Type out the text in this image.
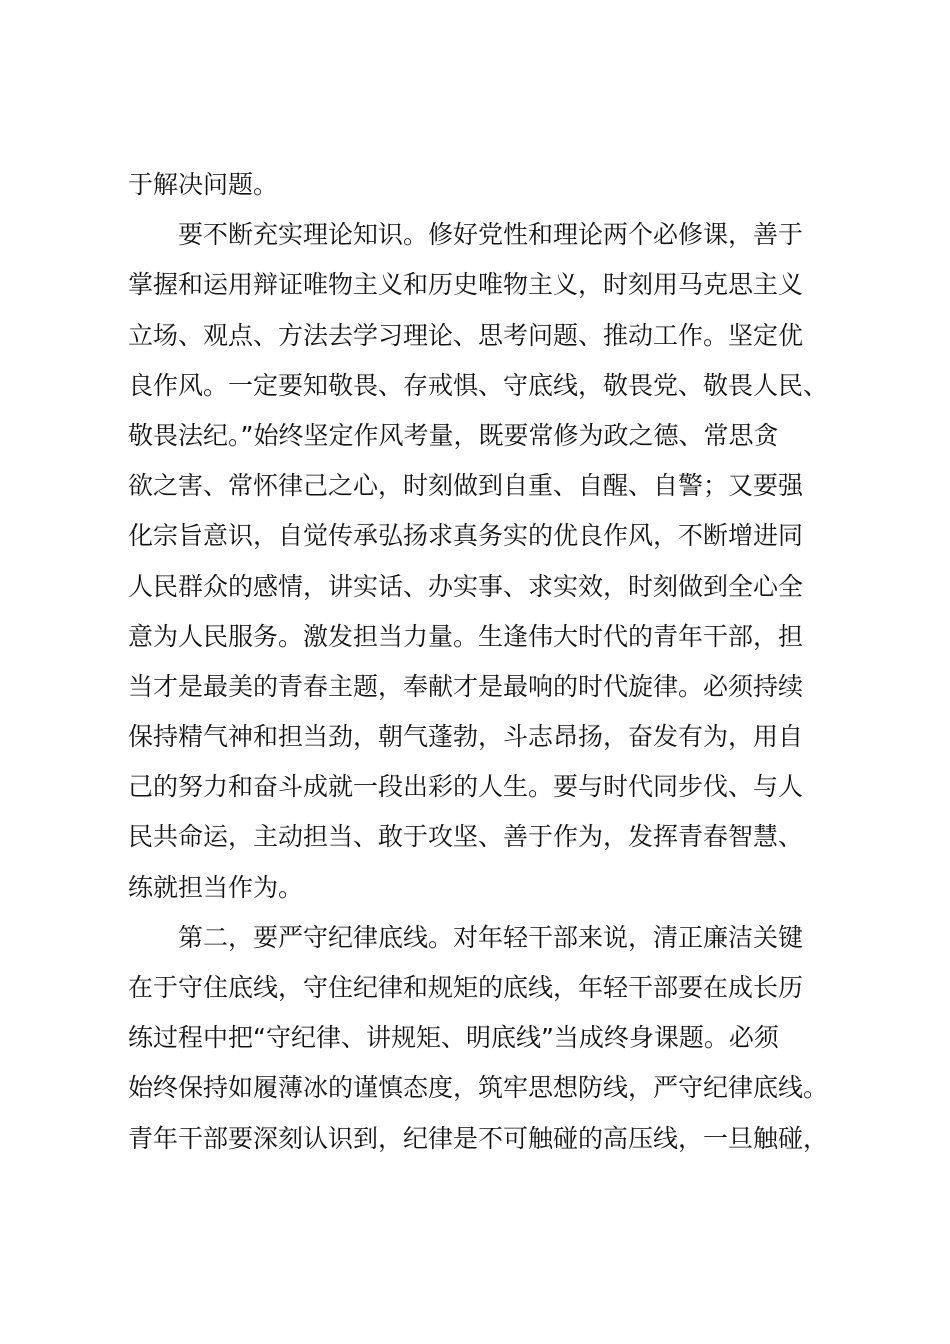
于解决问题。
要不断充实理论知识。修好党性和理论两个必修课，善于
掌握和运用辩证唯物主义和历史唯物主义，时刻用马克思主义
立场、观点、方法去学习理论、思考问题、推动工作。坚定优
良作风。一定要知敬畏、存戒惧、守底线，敬畏党、敬畏人民、
敬畏法纪。”始终坚定作风考量，既要常修为政之德、常思贪
欲之害、常怀律己之心，时刻做到自重、自醒、自警；又要强
化宗旨意识，自觉传承弘扬求真务实的优良作风，不断增进同
人民群众的感情，讲实话、办实事、求实效，时刻做到全心全
意为人民服务。激发担当力量。生逢伟大时代的青年干部，担
当才是最美的青春主题，奉献才是最响的时代旋律。必须持续
保持精气神和担当劲，朝气蓬勃，斗志昂扬，奋发有为，用自
己的努力和奋斗成就一段出彩的人生。要与时代同步伐、与人
民共命运，主动担当、敢于攻坚、善于作为，发挥青春智慧、
练就担当作为。
第二，要严守纪律底线。对年轻干部来说，清正廉洁关键
在于守住底线，守住纪律和规矩的底线，年轻干部要在成长历
练过程中把“守纪律、讲规矩、明底线”当成终身课题。必须
始终保持如履薄冰的谨慎态度，筑牢思想防线，严守纪律底线。
青年干部要深刻认识到，纪律是不可触碰的高压线，一旦触碰，
